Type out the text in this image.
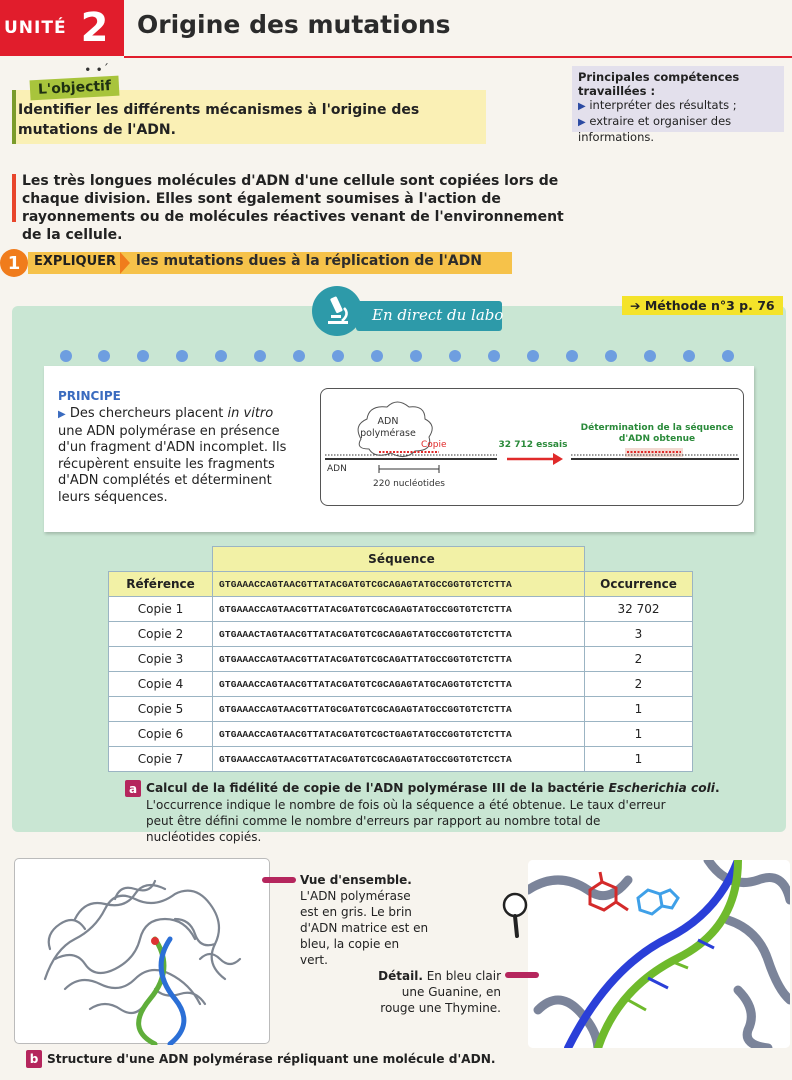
UNITÉ 2 Origine des mutations
∙ ∙´
L'objectif
Identifier les différents mécanismes à l'origine des mutations de l'ADN.
Principales compétences travaillées :
▶ interpréter des résultats ;
▶ extraire et organiser des informations.
Les très longues molécules d'ADN d'une cellule sont copiées lors de chaque division. Elles sont également soumises à l'action de rayonnements ou de molécules réactives venant de l'environnement de la cellule.
1	EXPLIQUER les mutations dues à la réplication de l'ADN
En direct du labo
➔ Méthode n°3 p. 76
PRINCIPE
▶ Des chercheurs placent in vitro une ADN polymérase en présence d'un fragment d'ADN incomplet. Ils récupèrent ensuite les fragments d'ADN complétés et déterminent leurs séquences.
ADN
polymérase
Copie
ADN
220 nucléotides
32 712 essais
Détermination de la séquence
d'ADN obtenue
	Séquence	
Référence	GTGAAACCAGTAACGTTATACGATGTCGCAGAGTATGCCGGTGTCTCTTA	Occurrence
Copie 1	GTGAAACCAGTAACGTTATACGATGTCGCAGAGTATGCCGGTGTCTCTTA	32 702
Copie 2	GTGAAACTAGTAACGTTATACGATGTCGCAGAGTATGCCGGTGTCTCTTA	3
Copie 3	GTGAAACCAGTAACGTTATACGATGTCGCAGATTATGCCGGTGTCTCTTA	2
Copie 4	GTGAAACCAGTAACGTTATACGATGTCGCAGAGTATGCAGGTGTCTCTTA	2
Copie 5	GTGAAACCAGTAACGTTATGCGATGTCGCAGAGTATGCCGGTGTCTCTTA	1
Copie 6	GTGAAACCAGTAACGTTATACGATGTCGCTGAGTATGCCGGTGTCTCTTA	1
Copie 7	GTGAAACCAGTAACGTTATACGATGTCGCAGAGTATGCCGGTGTCTCCTA	1
a Calcul de la fidélité de copie de l'ADN polymérase III de la bactérie Escherichia coli.
L'occurrence indique le nombre de fois où la séquence a été obtenue. Le taux d'erreur peut être défini comme le nombre d'erreurs par rapport au nombre total de nucléotides copiés.
Vue d'ensemble. L'ADN polymérase est en gris. Le brin d'ADN matrice est en bleu, la copie en vert.
Détail. En bleu clair une Guanine, en rouge une Thymine.
b Structure d'une ADN polymérase répliquant une molécule d'ADN.
